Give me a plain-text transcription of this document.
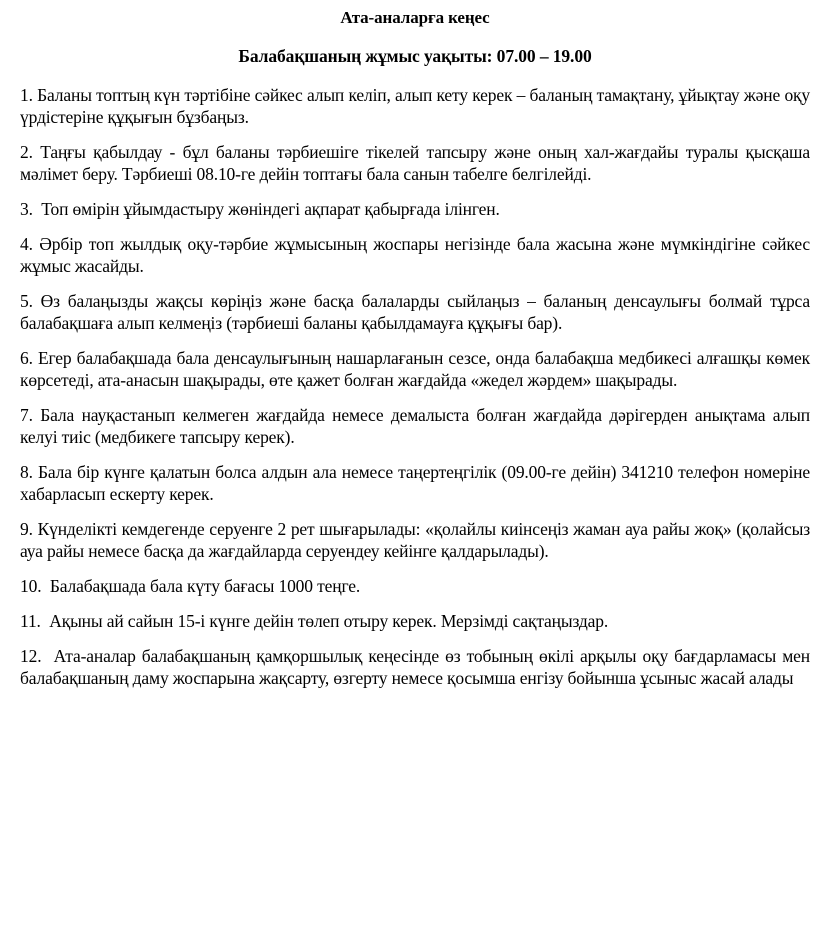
Ата-аналарға кеңес
Балабақшаның жұмыс уақыты: 07.00 – 19.00
1. Баланы топтың күн тәртібіне сәйкес алып келіп, алып кету керек – баланың тамақтану, ұйықтау және оқу үрдістеріне құқығын бұзбаңыз.
2. Таңғы қабылдау - бұл баланы тәрбиешіге тікелей тапсыру және оның хал-жағдайы туралы қысқаша мәлімет беру. Тәрбиеші 08.10-ге дейін топтағы бала санын табелге белгілейді.
3. Топ өмірін ұйымдастыру жөніндегі ақпарат қабырғада ілінген.
4. Әрбір топ жылдық оқу-тәрбие жұмысының жоспары негізінде бала жасына және мүмкіндігіне сәйкес жұмыс жасайды.
5. Өз балаңызды жақсы көріңіз және басқа балаларды сыйлаңыз – баланың денсаулығы болмай тұрса балабақшаға алып келмеңіз (тәрбиеші баланы қабылдамауға құқығы бар).
6. Егер балабақшада бала денсаулығының нашарлағанын сезсе, онда балабақша медбикесі алғашқы көмек көрсетеді, ата-анасын шақырады, өте қажет болған жағдайда «жедел жәрдем» шақырады.
7. Бала науқастанып келмеген жағдайда немесе демалыста болған жағдайда дәрігерден анықтама алып келуі тиіс (медбикеге тапсыру керек).
8. Бала бір күнге қалатын болса алдын ала немесе таңертеңгілік (09.00-ге дейін) 341210 телефон номеріне хабарласып ескерту керек.
9. Күнделікті кемдегенде серуенге 2 рет шығарылады: «қолайлы киінсеңіз жаман ауа райы жоқ» (қолайсыз ауа райы немесе басқа да жағдайларда серуендеу кейінге қалдарылады).
10. Балабақшада бала күту бағасы 1000 теңге.
11. Ақыны ай сайын 15-і күнге дейін төлеп отыру керек. Мерзімді сақтаңыздар.
12. Ата-аналар балабақшаның қамқоршылық кеңесінде өз тобының өкілі арқылы оқу бағдарламасы мен балабақшаның даму жоспарына жақсарту, өзгерту немесе қосымша енгізу бойынша ұсыныс жасай алады
